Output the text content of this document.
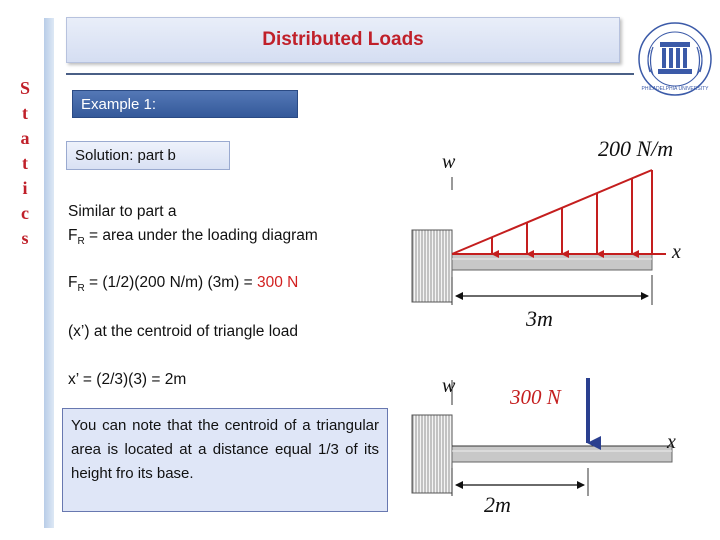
S
t
a
t
i
c
s
Distributed Loads
PHILADELPHIA UNIVERSITY
Example 1:
Solution: part b
Similar to part a
$F_R$ = area under the loading diagram
$F_R = (1/2)(200$ N/m) (3m) = 300 N
(x’) at the centroid of triangle load
x’ = (2/3)(3) = 2m
You can note that the centroid of a triangular area is located at a distance equal 1/3 of its height fro its base.
w
200 N/m
x
3m
w	300 N
x
2m
